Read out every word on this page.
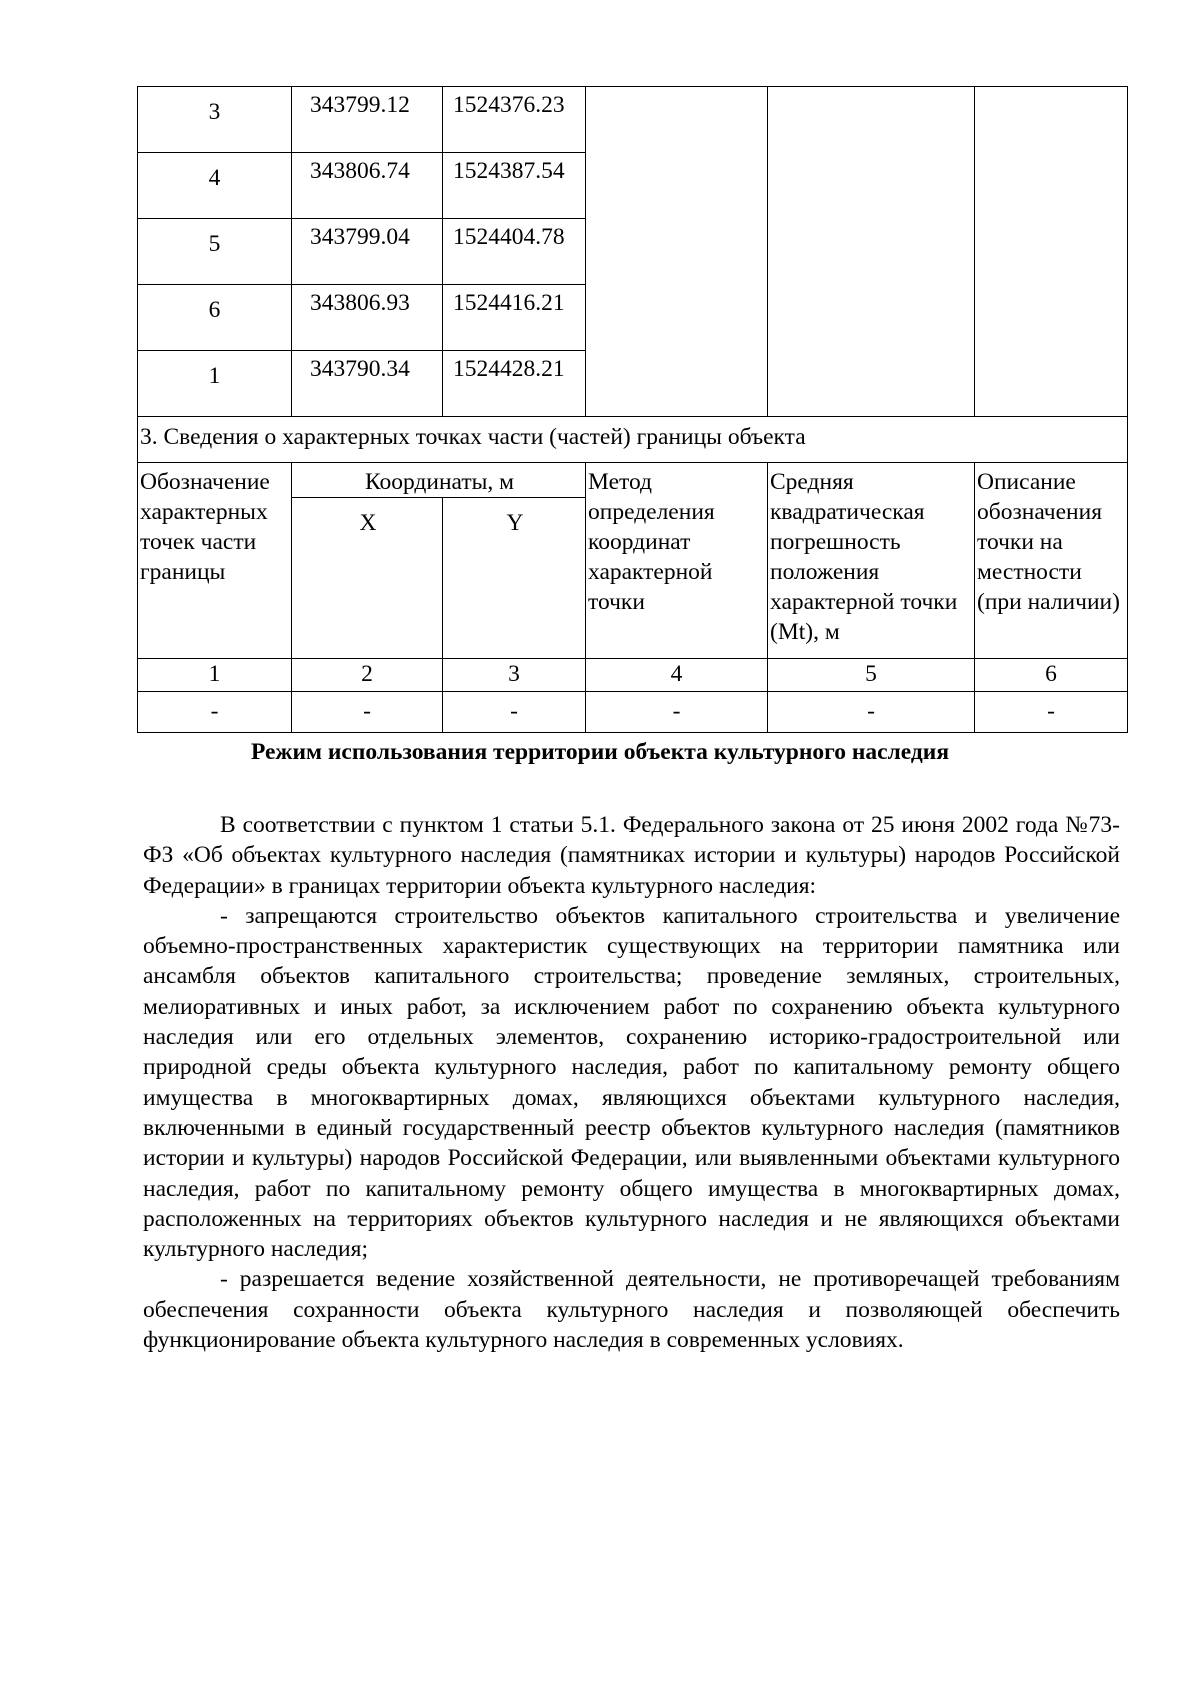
3	343799.12	1524376.23			
4	343806.74	1524387.54			
5	343799.04	1524404.78			
6	343806.93	1524416.21			
1	343790.34	1524428.21			
3. Сведения о характерных точках части (частей) границы объекта					
Обозначение характерных точек части границы	Координаты, м		Метод определения координат характерной точки	Средняя квадратическая погрешность положения характерной точки (Mt), м	Описание обозначения точки на местности (при наличии)
	X	Y			
1	2	3	4	5	6
-	-	-	-	-	-
Режим использования территории объекта культурного наследия

В соответствии с пунктом 1 статьи 5.1. Федерального закона от 25 июня 2002 года №73-ФЗ «Об объектах культурного наследия (памятниках истории и культуры) народов Российской Федерации» в границах территории объекта культурного наследия:

- запрещаются строительство объектов капитального строительства и увеличение объемно-пространственных характеристик существующих на территории памятника или ансамбля объектов капитального строительства; проведение земляных, строительных, мелиоративных и иных работ, за исключением работ по сохранению объекта культурного наследия или его отдельных элементов, сохранению историко-градостроительной или природной среды объекта культурного наследия, работ по капитальному ремонту общего имущества в многоквартирных домах, являющихся объектами культурного наследия, включенными в единый государственный реестр объектов культурного наследия (памятников истории и культуры) народов Российской Федерации, или выявленными объектами культурного наследия, работ по капитальному ремонту общего имущества в многоквартирных домах, расположенных на территориях объектов культурного наследия и не являющихся объектами культурного наследия;

- разрешается ведение хозяйственной деятельности, не противоречащей требованиям обеспечения сохранности объекта культурного наследия и позволяющей обеспечить функционирование объекта культурного наследия в современных условиях.
